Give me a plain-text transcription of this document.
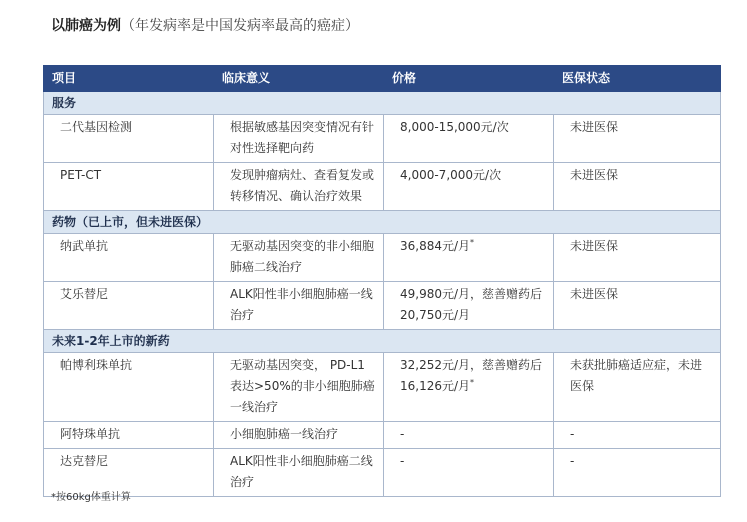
以肺癌为例（年发病率是中国发病率最高的癌症）
项目	临床意义	价格	医保状态
服务			
二代基因检测	根据敏感基因突变情况有针对性选择靶向药	8,000-15,000元/次	未进医保
PET-CT	发现肿瘤病灶、查看复发或转移情况、确认治疗效果	4,000-7,000元/次	未进医保
药物（已上市，但未进医保）			
纳武单抗	无驱动基因突变的非小细胞肺癌二线治疗	36,884元/月*	未进医保
艾乐替尼	ALK阳性非小细胞肺癌一线治疗	49,980元/月，慈善赠药后20,750元/月	未进医保
未来1-2年上市的新药			
帕博利珠单抗	无驱动基因突变， PD-L1表达>50%的非小细胞肺癌一线治疗	32,252元/月，慈善赠药后16,126元/月*	未获批肺癌适应症，未进医保
阿特珠单抗	小细胞肺癌一线治疗	-	-
达克替尼	ALK阳性非小细胞肺癌二线治疗	-	-
*按60kg体重计算
